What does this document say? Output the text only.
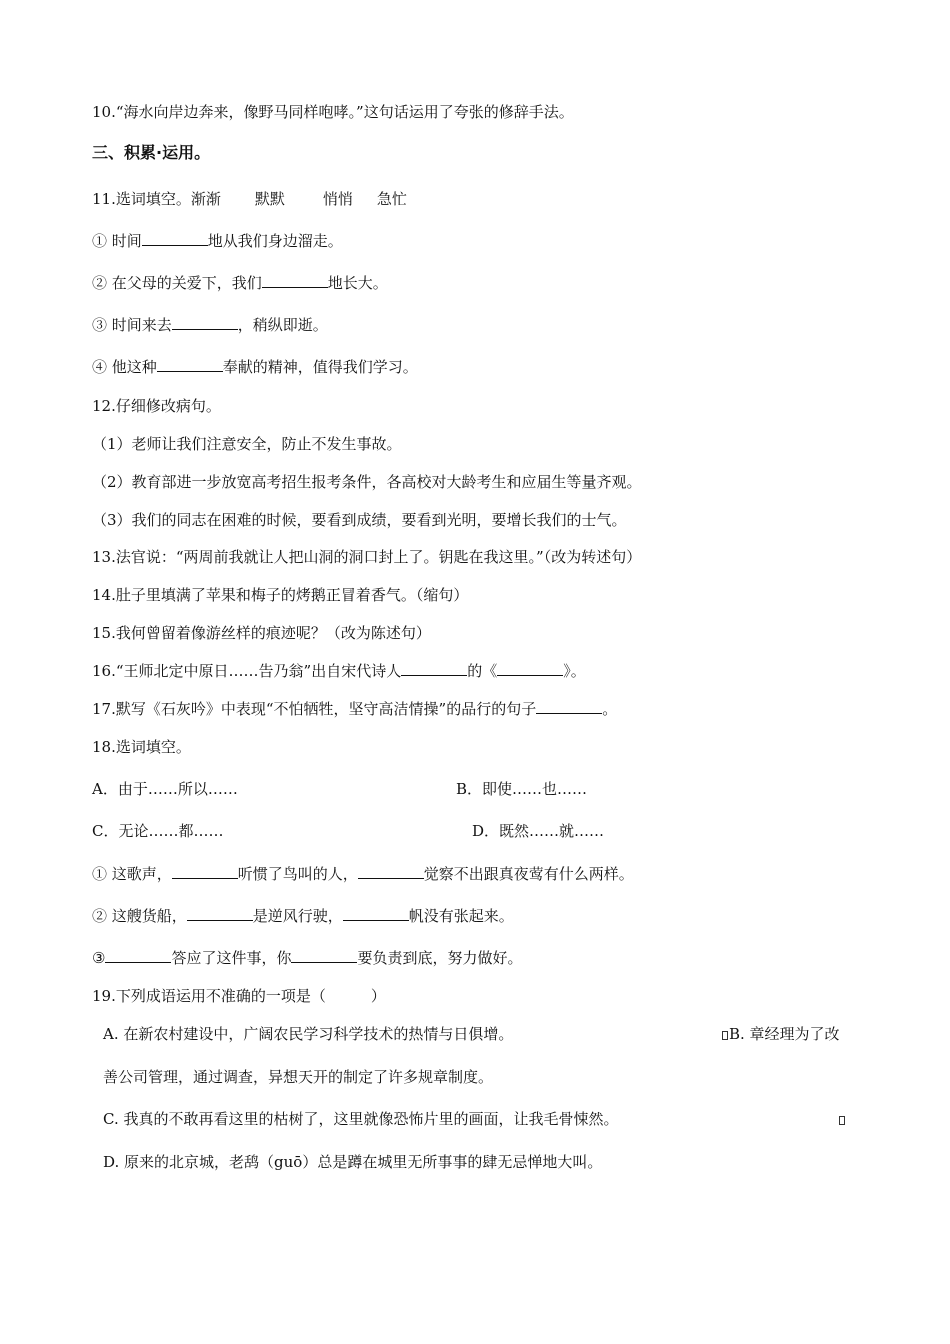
10.“海水向岸边奔来，像野马同样咆哮。”这句话运用了夸张的修辞手法。
三、积累·运用。
11.选词填空。渐渐 默默	悄悄 急忙
① 时间	地从我们身边溜走。
② 在父母的关爱下，我们	地长大。
③ 时间来去	，稍纵即逝。
④ 他这种	奉献的精神，值得我们学习。
12.仔细修改病句。
（1）老师让我们注意安全，防止不发生事故。
（2）教育部进一步放宽高考招生报考条件，各高校对大龄考生和应届生等量齐观。
（3）我们的同志在困难的时候，要看到成绩，要看到光明，要增长我们的士气。
13.法官说：“两周前我就让人把山洞的洞口封上了。钥匙在我这里。”（改为转述句）
14.肚子里填满了苹果和梅子的烤鹅正冒着香气。（缩句）
15.我何曾留着像游丝样的痕迹呢？（改为陈述句）
16.“王师北定中原日……告乃翁”出自宋代诗人	的《	》。
17.默写《石灰吟》中表现“不怕牺牲，坚守高洁情操”的品行的句子	。
18.选词填空。
A．由于……所以……	B．即使……也……
C．无论……都……	D．既然……就……
① 这歌声，	听惯了鸟叫的人，	觉察不出跟真夜莺有什么两样。
② 这艘货船，	是逆风行驶，	帆没有张起来。
③	答应了这件事，你	要负责到底，努力做好。
19.下列成语运用不准确的一项是（　　　）
A. 在新农村建设中，广阔农民学习科学技术的热情与日俱增。	B. 章经理为了改
善公司管理，通过调查，异想天开的制定了许多规章制度。
C. 我真的不敢再看这里的枯树了，这里就像恐怖片里的画面，让我毛骨悚然。
D. 原来的北京城，老鸹（guō）总是蹲在城里无所事事的肆无忌惮地大叫。
